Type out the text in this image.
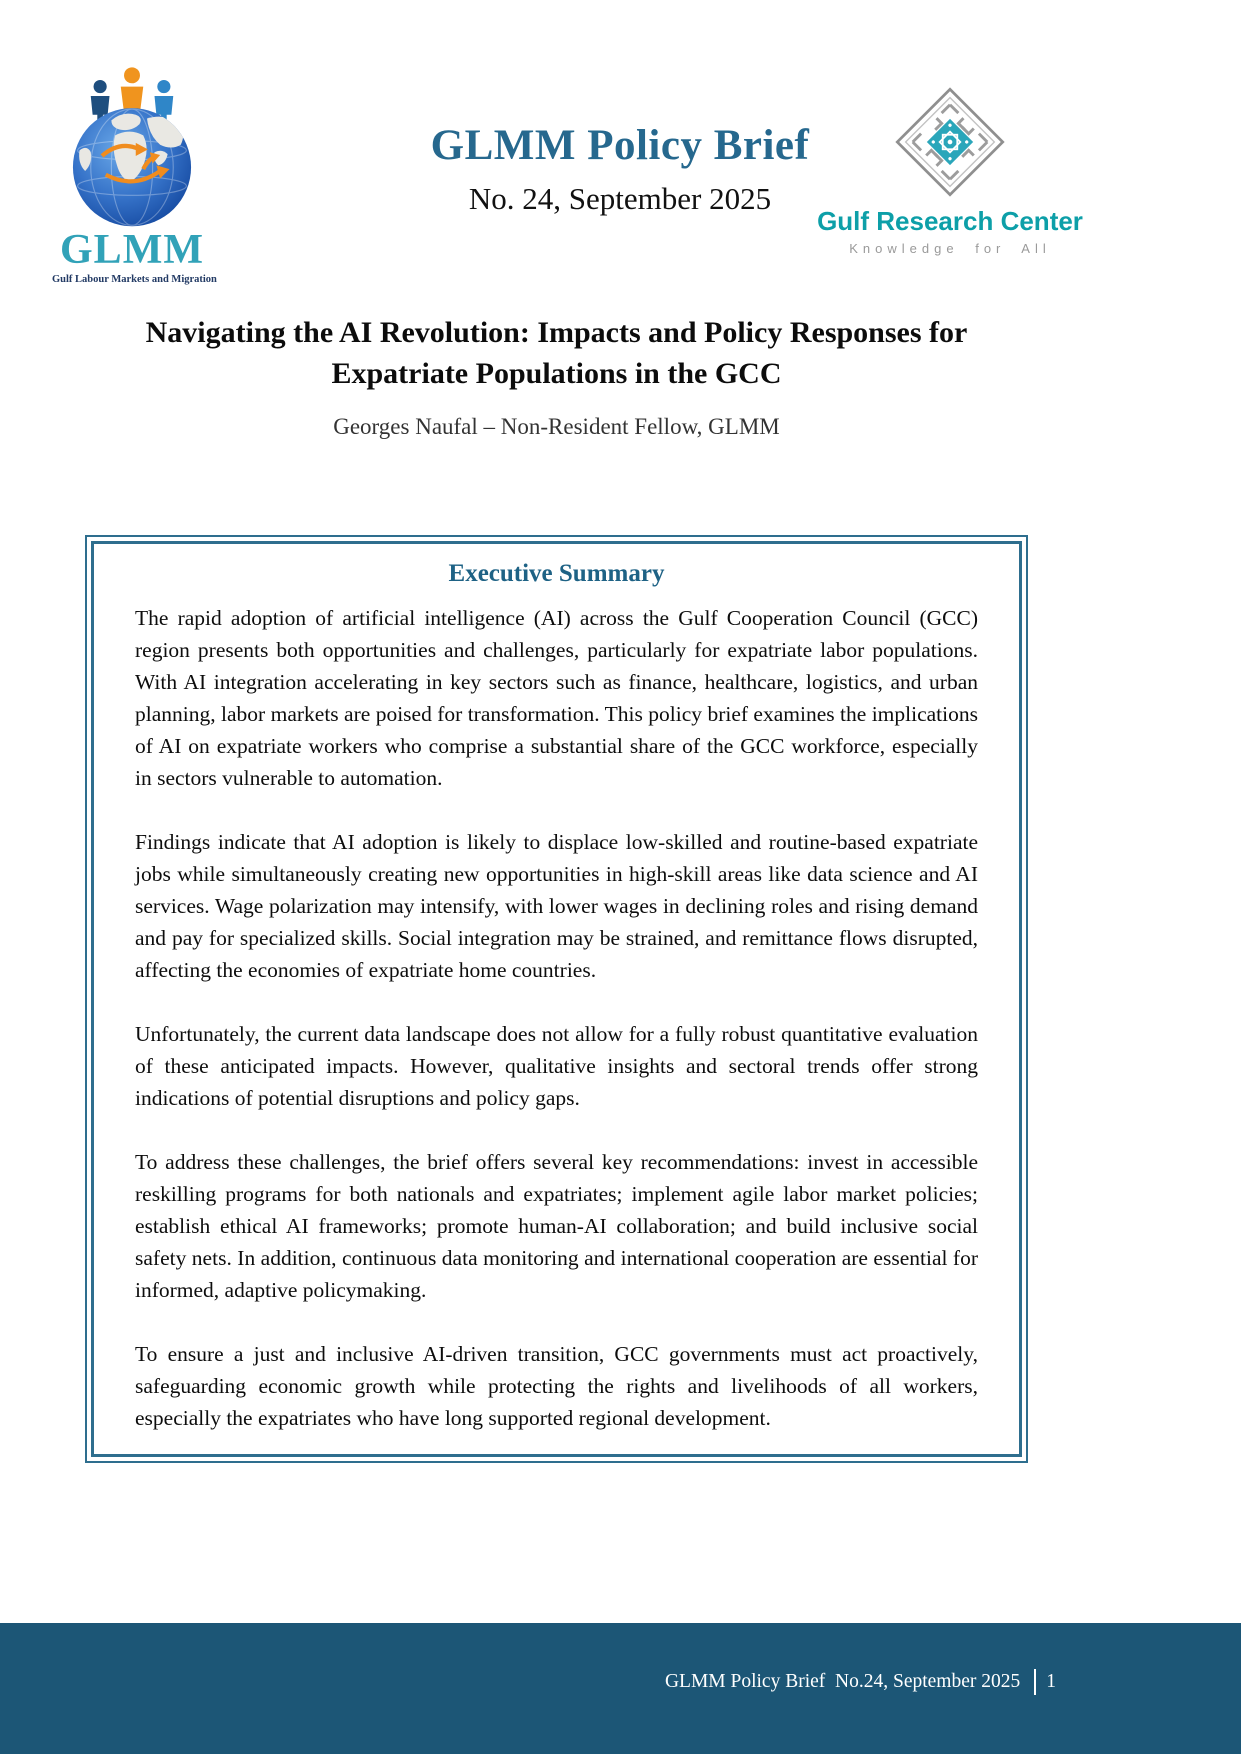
GLMM
Gulf Labour Markets and Migration
GLMM Policy Brief
No. 24, September 2025
Gulf Research Center
Knowledge for All
Navigating the AI Revolution: Impacts and Policy Responses for
Expatriate Populations in the GCC
Georges Naufal – Non-Resident Fellow, GLMM
Executive Summary

The rapid adoption of artificial intelligence (AI) across the Gulf Cooperation Council (GCC) region presents both opportunities and challenges, particularly for expatriate labor populations. With AI integration accelerating in key sectors such as finance, healthcare, logistics, and urban planning, labor markets are poised for transformation. This policy brief examines the implications of AI on expatriate workers who comprise a substantial share of the GCC workforce, especially in sectors vulnerable to automation.

Findings indicate that AI adoption is likely to displace low-skilled and routine-based expatriate jobs while simultaneously creating new opportunities in high-skill areas like data science and AI services. Wage polarization may intensify, with lower wages in declining roles and rising demand and pay for specialized skills. Social integration may be strained, and remittance flows disrupted, affecting the economies of expatriate home countries.

Unfortunately, the current data landscape does not allow for a fully robust quantitative evaluation of these anticipated impacts. However, qualitative insights and sectoral trends offer strong indications of potential disruptions and policy gaps.

To address these challenges, the brief offers several key recommendations: invest in accessible reskilling programs for both nationals and expatriates; implement agile labor market policies; establish ethical AI frameworks; promote human-AI collaboration; and build inclusive social safety nets. In addition, continuous data monitoring and international cooperation are essential for informed, adaptive policymaking.

To ensure a just and inclusive AI-driven transition, GCC governments must act proactively, safeguarding economic growth while protecting the rights and livelihoods of all workers, especially the expatriates who have long supported regional development.

GLMM Policy Brief  No.24, September 2025 1
